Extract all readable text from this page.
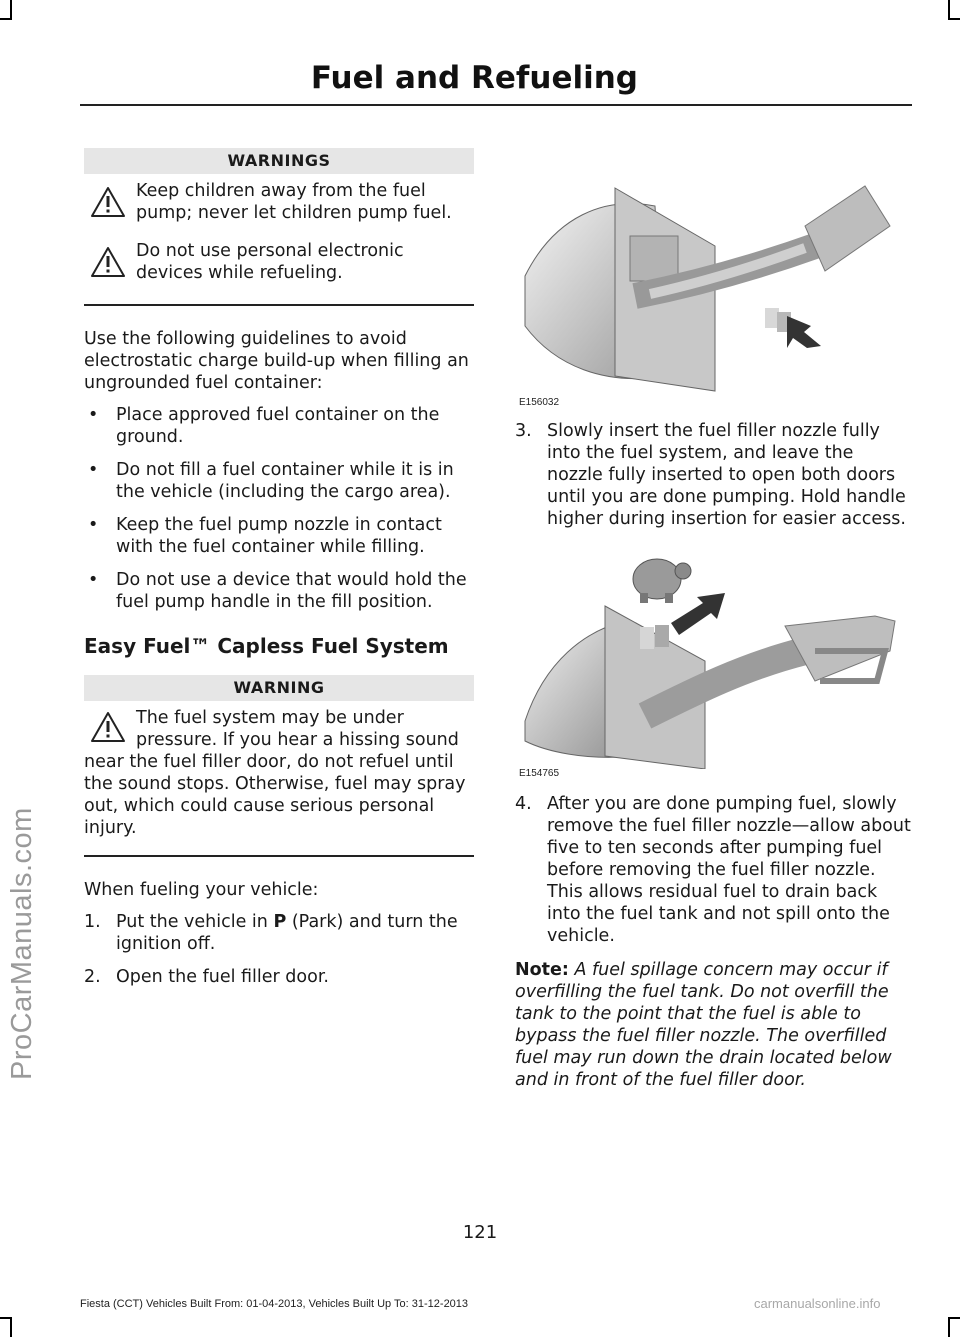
ProCarManuals.com
Fuel and Refueling
WARNINGS

Keep children away from the fuel pump; never let children pump fuel.

Do not use personal electronic devices while refueling.

Use the following guidelines to avoid electrostatic charge build-up when filling an ungrounded fuel container:

• Place approved fuel container on the ground.
• Do not fill a fuel container while it is in the vehicle (including the cargo area).
• Keep the fuel pump nozzle in contact with the fuel container while filling.
• Do not use a device that would hold the fuel pump handle in the fill position.
Easy Fuel™ Capless Fuel System
WARNING

The fuel system may be under pressure. If you hear a hissing sound near the fuel filler door, do not refuel until the sound stops. Otherwise, fuel may spray out, which could cause serious personal injury.

When fueling your vehicle:

1. Put the vehicle in P (Park) and turn the ignition off.
2. Open the fuel filler door.
E156032
3. Slowly insert the fuel filler nozzle fully into the fuel system, and leave the nozzle fully inserted to open both doors until you are done pumping. Hold handle higher during insertion for easier access.
E154765
4. After you are done pumping fuel, slowly remove the fuel filler nozzle—allow about five to ten seconds after pumping fuel before removing the fuel filler nozzle. This allows residual fuel to drain back into the fuel tank and not spill onto the vehicle.

Note: A fuel spillage concern may occur if overfilling the fuel tank. Do not overfill the tank to the point that the fuel is able to bypass the fuel filler nozzle. The overfilled fuel may run down the drain located below and in front of the fuel filler door.

121
Fiesta (CCT) Vehicles Built From: 01-04-2013, Vehicles Built Up To: 31-12-2013	carmanualsonline.info
